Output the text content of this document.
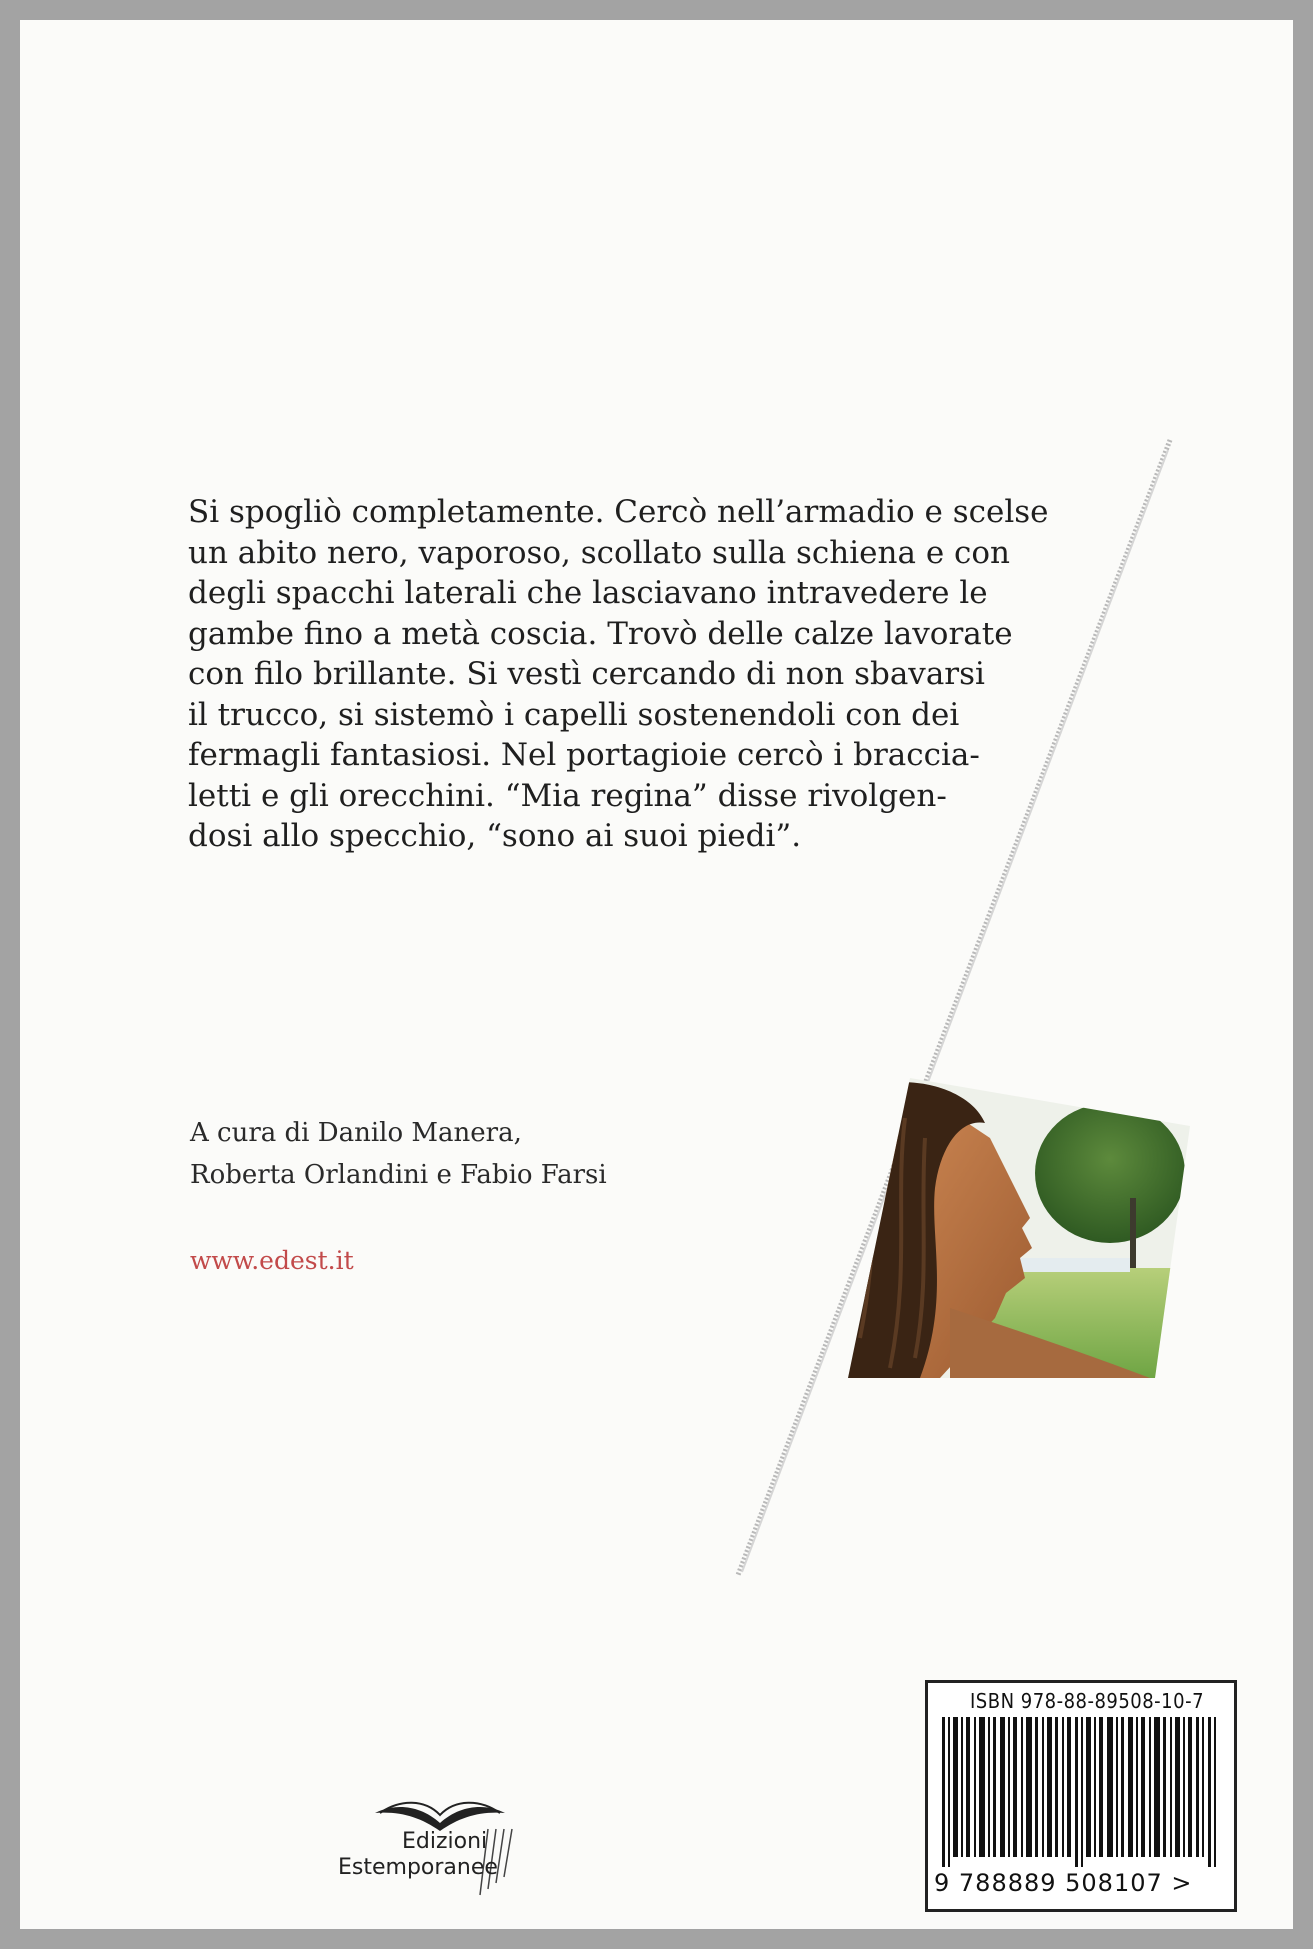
Si spogliò completamente. Cercò nell’armadio e scelse
un abito nero, vaporoso, scollato sulla schiena e con
degli spacchi laterali che lasciavano intravedere le
gambe fino a metà coscia. Trovò delle calze lavorate
con filo brillante. Si vestì cercando di non sbavarsi
il trucco, si sistemò i capelli sostenendoli con dei
fermagli fantasiosi. Nel portagioie cercò i braccia-
letti e gli orecchini. “Mia regina” disse rivolgen-
dosi allo specchio, “sono ai suoi piedi”.
A cura di Danilo Manera,
Roberta Orlandini e Fabio Farsi
www.edest.it
ISBN 978-88-89508-10-7
9 788889 508107 >
Edizioni
Estemporanee
